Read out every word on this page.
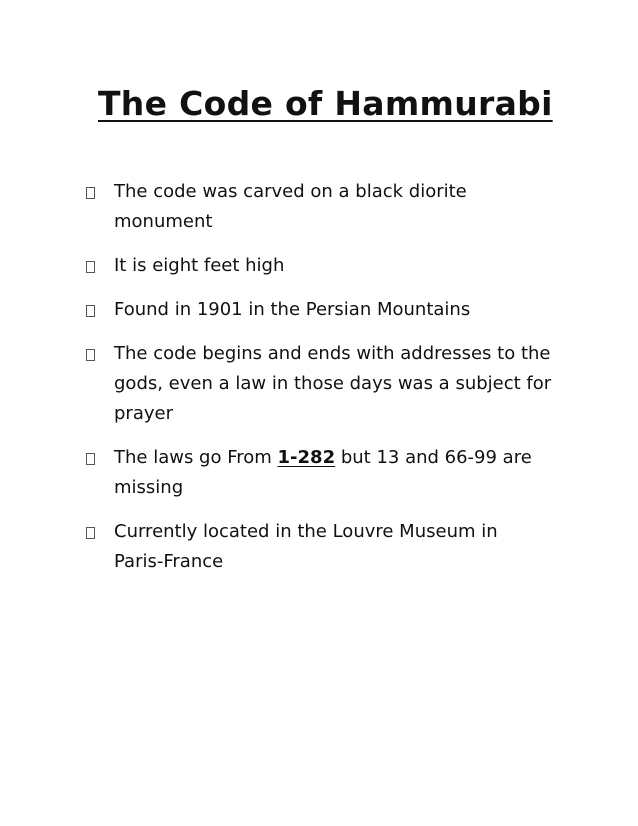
The Code of Hammurabi
The code was carved on a black diorite monument
It is eight feet high
Found in 1901 in the Persian Mountains
The code begins and ends with addresses to the gods, even a law in those days was a subject for prayer
The laws go From 1-282 but 13 and 66-99 are missing
Currently located in the Louvre Museum in Paris-France
